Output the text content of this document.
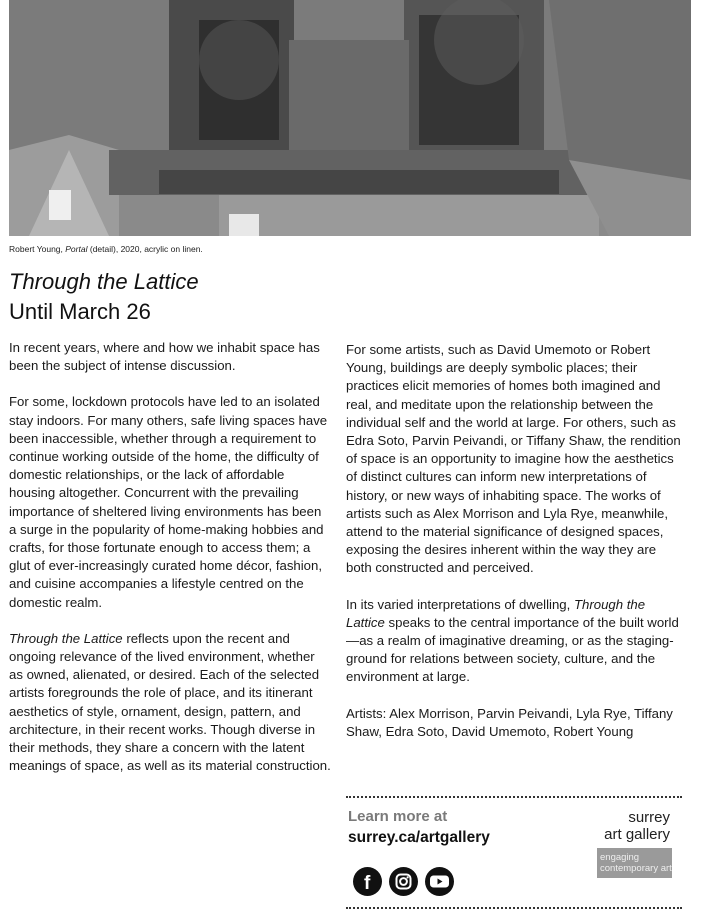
Robert Young, Portal (detail), 2020, acrylic on linen.
Through the Lattice
Until March 26

In recent years, where and how we inhabit space has been the subject of intense discussion.

For some, lockdown protocols have led to an isolated stay indoors. For many others, safe living spaces have been inaccessible, whether through a requirement to continue working outside of the home, the difficulty of domestic relationships, or the lack of affordable housing altogether. Concurrent with the prevailing importance of sheltered living environments has been a surge in the popularity of home-making hobbies and crafts, for those fortunate enough to access them; a glut of ever-increasingly curated home décor, fashion, and cuisine accompanies a lifestyle centred on the domestic realm.

Through the Lattice reflects upon the recent and ongoing relevance of the lived environment, whether as owned, alienated, or desired. Each of the selected artists foregrounds the role of place, and its itinerant aesthetics of style, ornament, design, pattern, and architecture, in their recent works. Though diverse in their methods, they share a concern with the latent meanings of space, as well as its material construction.

For some artists, such as David Umemoto or Robert Young, buildings are deeply symbolic places; their practices elicit memories of homes both imagined and real, and meditate upon the relationship between the individual self and the world at large. For others, such as Edra Soto, Parvin Peivandi, or Tiffany Shaw, the rendition of space is an opportunity to imagine how the aesthetics of distinct cultures can inform new interpretations of history, or new ways of inhabiting space. The works of artists such as Alex Morrison and Lyla Rye, meanwhile, attend to the material significance of designed spaces, exposing the desires inherent within the way they are both constructed and perceived.

In its varied interpretations of dwelling, Through the Lattice speaks to the central importance of the built world—as a realm of imaginative dreaming, or as the staging-ground for relations between society, culture, and the environment at large.

Artists: Alex Morrison, Parvin Peivandi, Lyla Rye, Tiffany Shaw, Edra Soto, David Umemoto, Robert Young

Learn more at
surrey.ca/artgallery
surrey
art gallery
engaging
contemporary art
f
